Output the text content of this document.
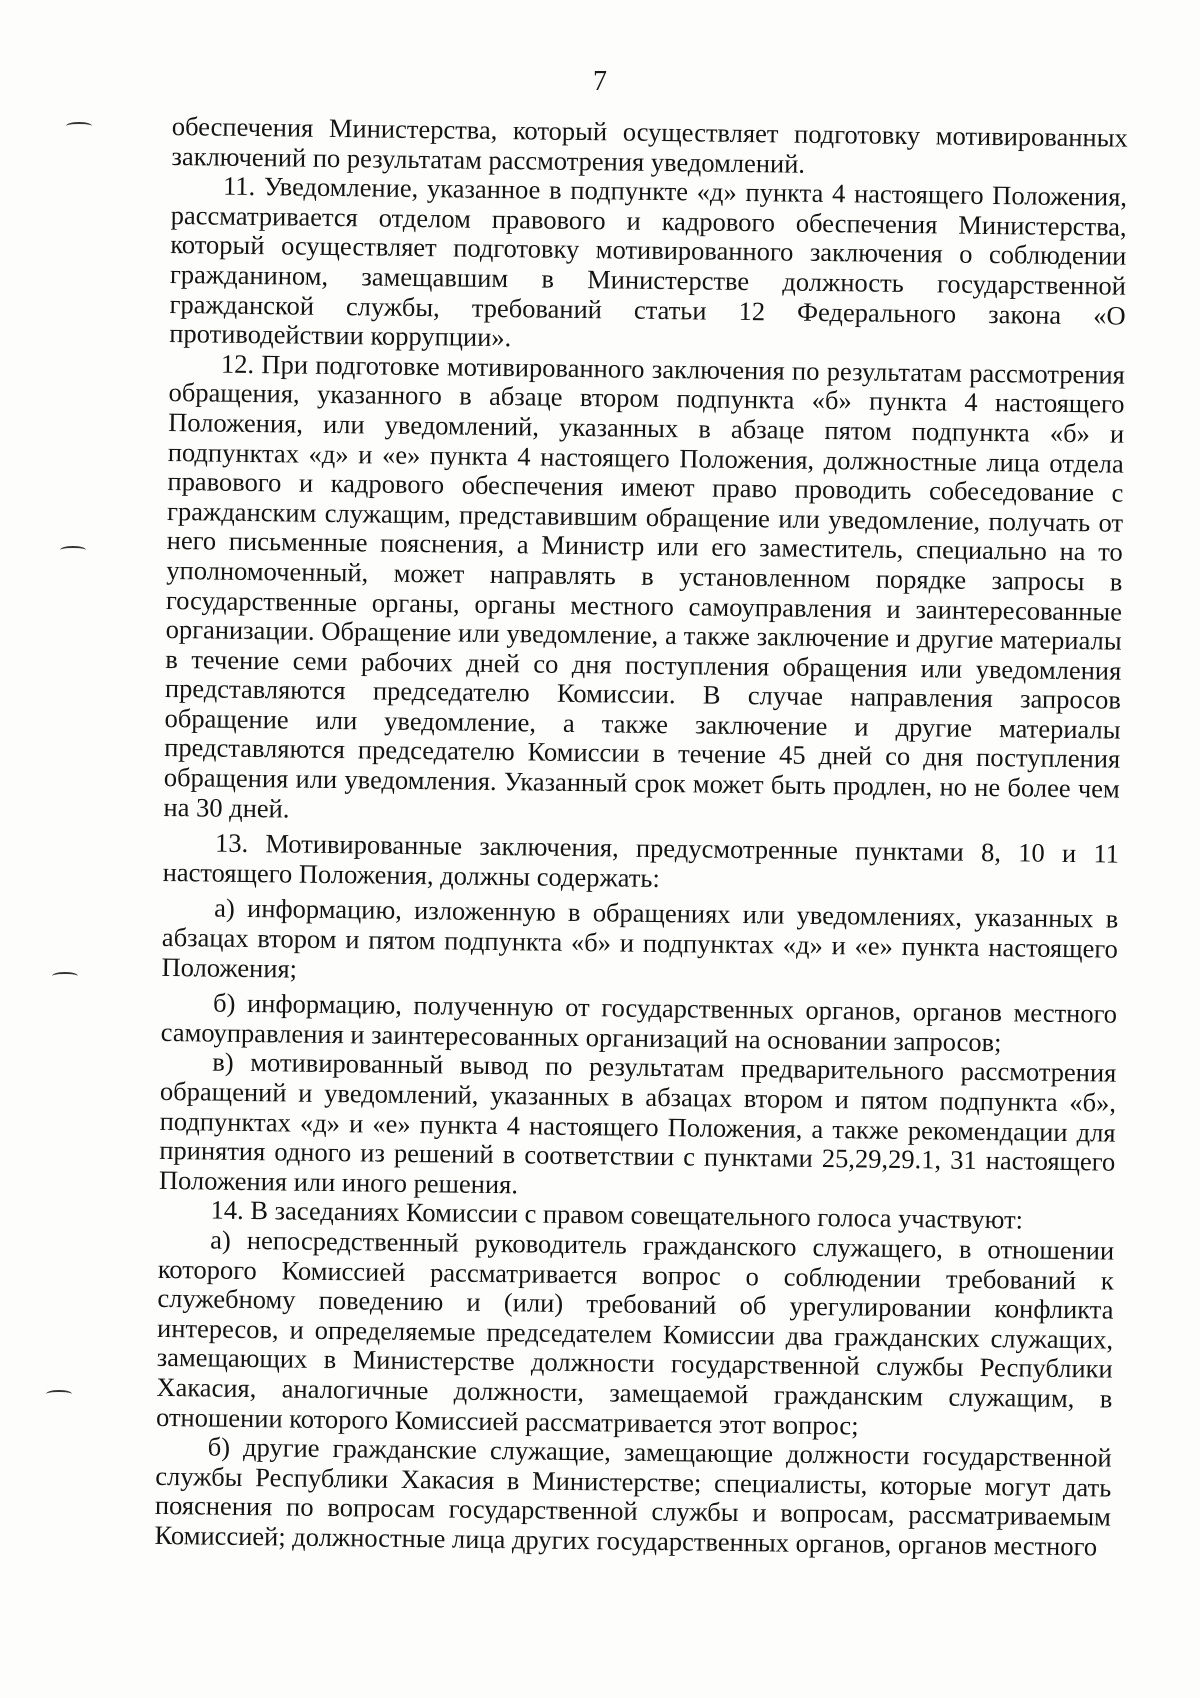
7

обеспечения Министерства, который осуществляет подготовку мотивированных заключений по результатам рассмотрения уведомлений.

11. Уведомление, указанное в подпункте «д» пункта 4 настоящего Положения, рассматривается отделом правового и кадрового обеспечения Министерства, который осуществляет подготовку мотивированного заключения о соблюдении гражданином, замещавшим в Министерстве должность государственной гражданской службы, требований статьи 12 Федерального закона «О противодействии коррупции».

12. При подготовке мотивированного заключения по результатам рассмотрения обращения, указанного в абзаце втором подпункта «б» пункта 4 настоящего Положения, или уведомлений, указанных в абзаце пятом подпункта «б» и подпунктах «д» и «е» пункта 4 настоящего Положения, должностные лица отдела правового и кадрового обеспечения имеют право проводить собеседование с гражданским служащим, представившим обращение или уведомление, получать от него письменные пояснения, а Министр или его заместитель, специально на то уполномоченный, может направлять в установленном порядке запросы в государственные органы, органы местного самоуправления и заинтересованные организации. Обращение или уведомление, а также заключение и другие материалы в течение семи рабочих дней со дня поступления обращения или уведомления представляются председателю Комиссии. В случае направления запросов обращение или уведомление, а также заключение и другие материалы представляются председателю Комиссии в течение 45 дней со дня поступления обращения или уведомления. Указанный срок может быть продлен, но не более чем на 30 дней.

13. Мотивированные заключения, предусмотренные пунктами 8, 10 и 11 настоящего Положения, должны содержать:

а) информацию, изложенную в обращениях или уведомлениях, указанных в абзацах втором и пятом подпункта «б» и подпунктах «д» и «е» пункта настоящего Положения;

б) информацию, полученную от государственных органов, органов местного самоуправления и заинтересованных организаций на основании запросов;

в) мотивированный вывод по результатам предварительного рассмотрения обращений и уведомлений, указанных в абзацах втором и пятом подпункта «б», подпунктах «д» и «е» пункта 4 настоящего Положения, а также рекомендации для принятия одного из решений в соответствии с пунктами 25,29,29.1, 31 настоящего Положения или иного решения.

14. В заседаниях Комиссии с правом совещательного голоса участвуют:

а) непосредственный руководитель гражданского служащего, в отношении которого Комиссией рассматривается вопрос о соблюдении требований к служебному поведению и (или) требований об урегулировании конфликта интересов, и определяемые председателем Комиссии два гражданских служащих, замещающих в Министерстве должности государственной службы Республики Хакасия, аналогичные должности, замещаемой гражданским служащим, в отношении которого Комиссией рассматривается этот вопрос;

б) другие гражданские служащие, замещающие должности государственной службы Республики Хакасия в Министерстве; специалисты, которые могут дать пояснения по вопросам государственной службы и вопросам, рассматриваемым Комиссией; должностные лица других государственных органов, органов местного
